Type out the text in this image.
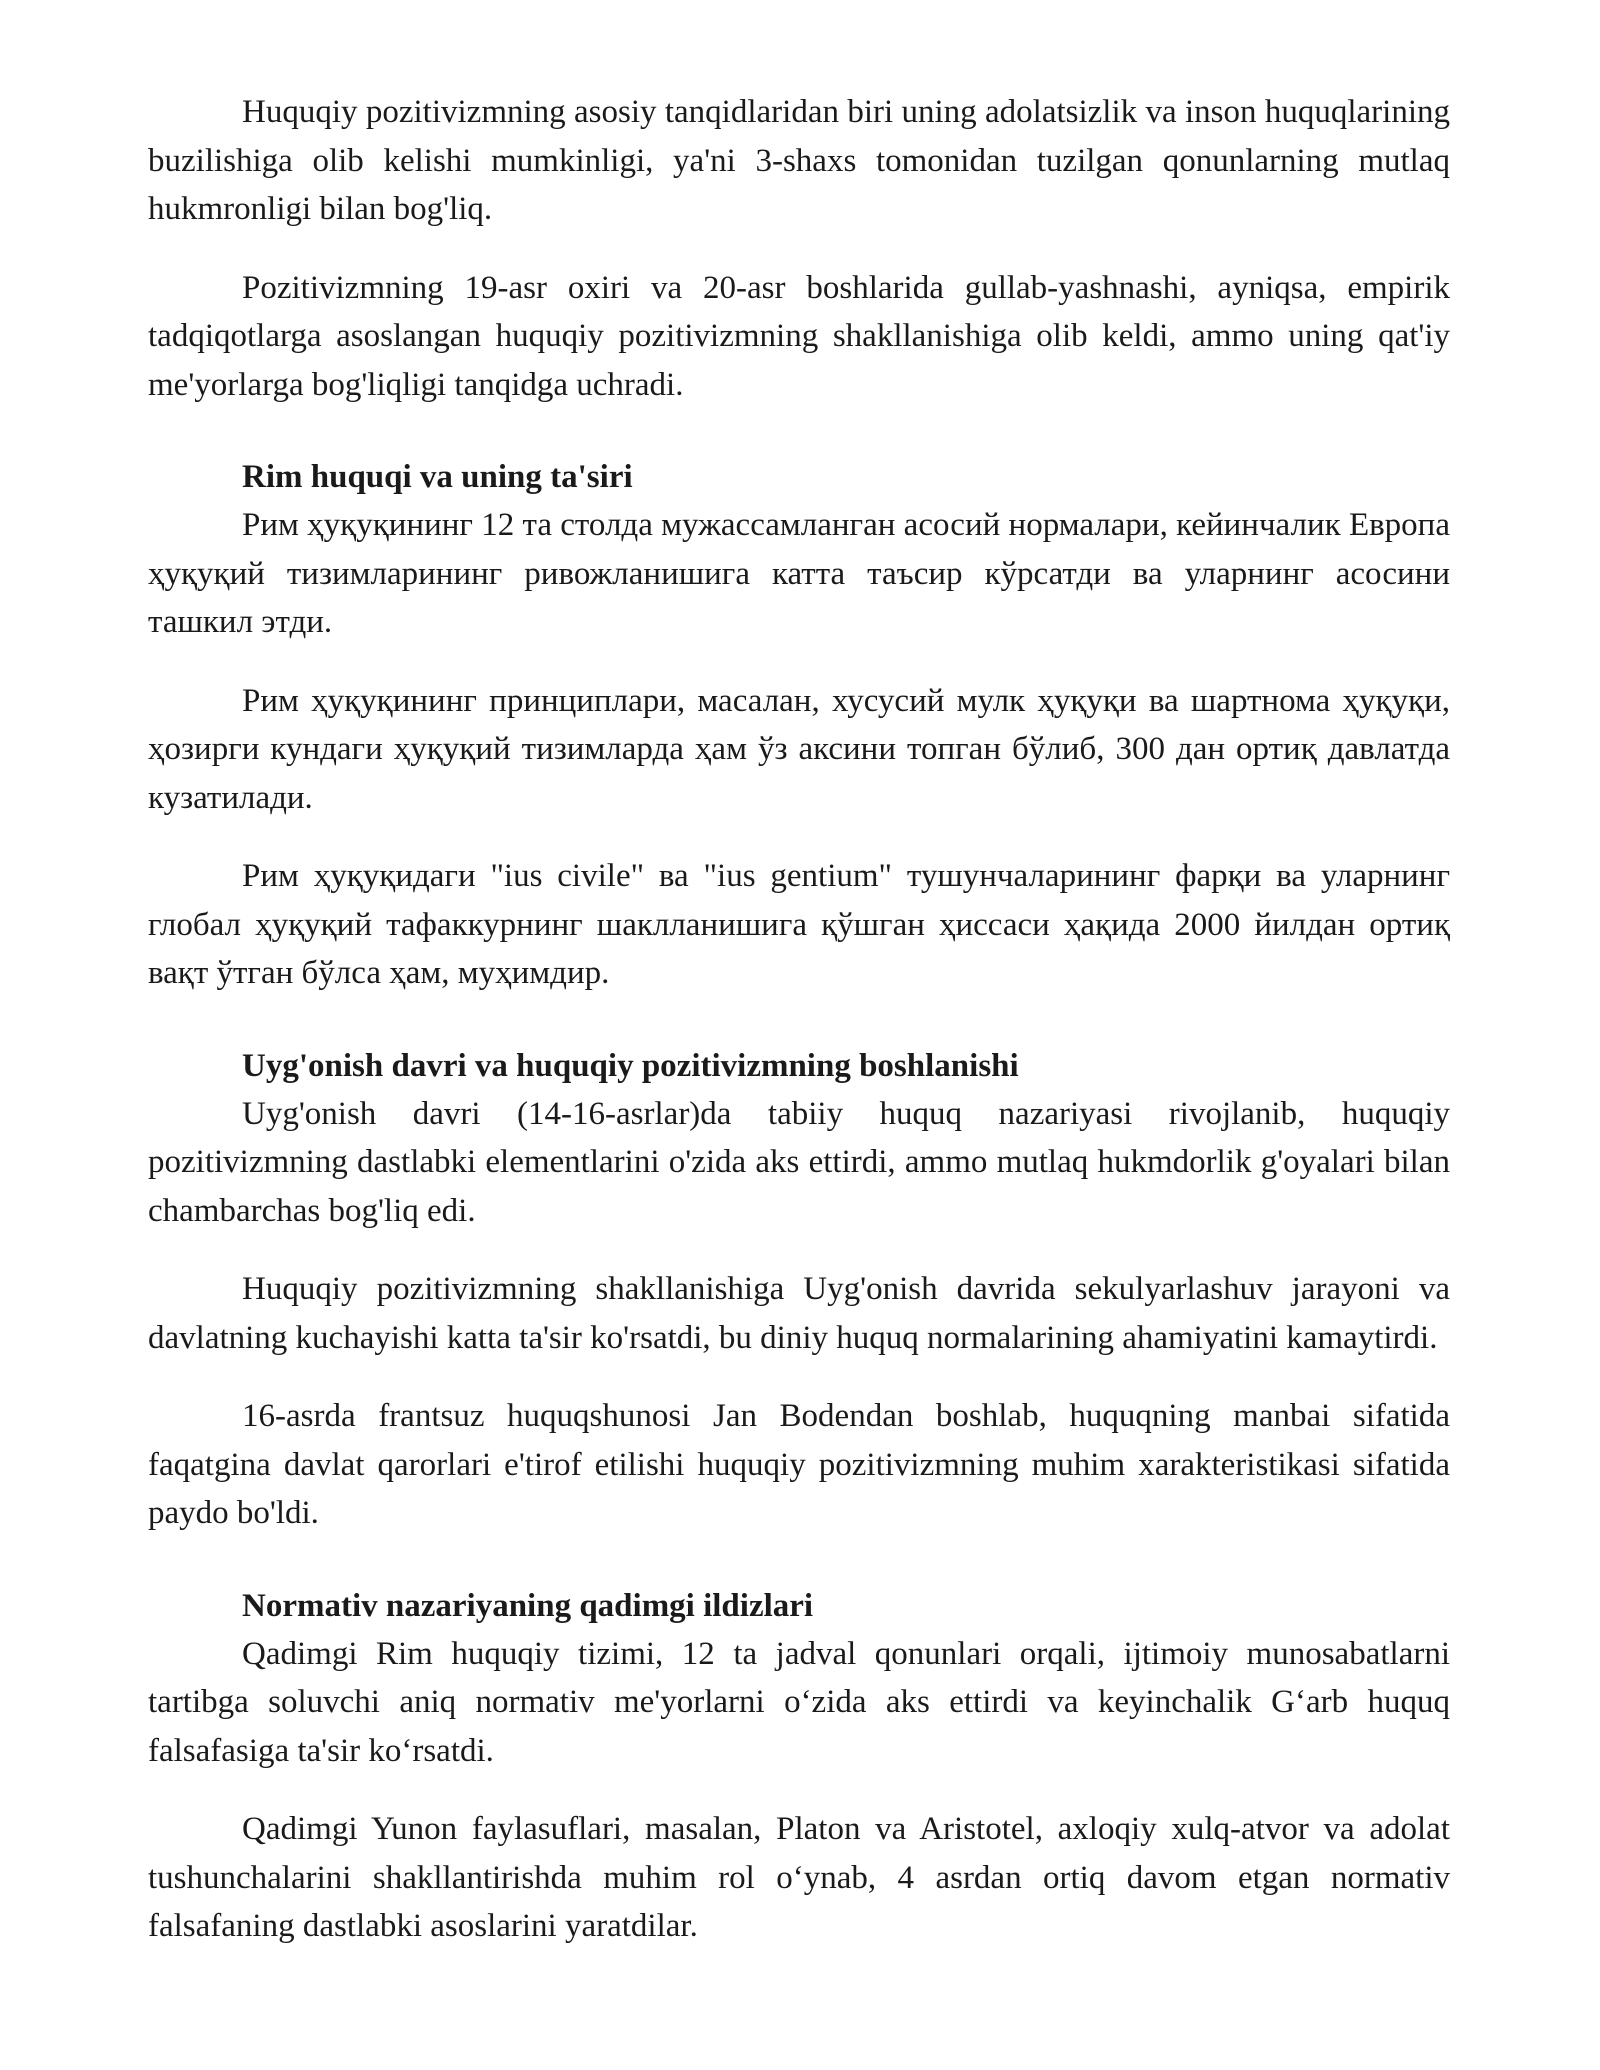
Huquqiy pozitivizmning asosiy tanqidlaridan biri uning adolatsizlik va inson huquqlarining buzilishiga olib kelishi mumkinligi, ya'ni 3-shaxs tomonidan tuzilgan qonunlarning mutlaq hukmronligi bilan bog'liq.

Pozitivizmning 19-asr oxiri va 20-asr boshlarida gullab-yashnashi, ayniqsa, empirik tadqiqotlarga asoslangan huquqiy pozitivizmning shakllanishiga olib keldi, ammo uning qat'iy me'yorlarga bog'liqligi tanqidga uchradi.

Rim huquqi va uning ta'siri

Рим ҳуқуқининг 12 та столда мужассамланган асосий нормалари, кейинчалик Европа ҳуқуқий тизимларининг ривожланишига катта таъсир кўрсатди ва уларнинг асосини ташкил этди.

Рим ҳуқуқининг принциплари, масалан, хусусий мулк ҳуқуқи ва шартнома ҳуқуқи, ҳозирги кундаги ҳуқуқий тизимларда ҳам ўз аксини топган бўлиб, 300 дан ортиқ давлатда кузатилади.

Рим ҳуқуқидаги "ius civile" ва "ius gentium" тушунчаларининг фарқи ва уларнинг глобал ҳуқуқий тафаккурнинг шаклланишига қўшган ҳиссаси ҳақида 2000 йилдан ортиқ вақт ўтган бўлса ҳам, муҳимдир.

Uyg'onish davri va huquqiy pozitivizmning boshlanishi

Uyg'onish davri (14-16-asrlar)da tabiiy huquq nazariyasi rivojlanib, huquqiy pozitivizmning dastlabki elementlarini o'zida aks ettirdi, ammo mutlaq hukmdorlik g'oyalari bilan chambarchas bog'liq edi.

Huquqiy pozitivizmning shakllanishiga Uyg'onish davrida sekulyarlashuv jarayoni va davlatning kuchayishi katta ta'sir ko'rsatdi, bu diniy huquq normalarining ahamiyatini kamaytirdi.

16-asrda frantsuz huquqshunosi Jan Bodendan boshlab, huquqning manbai sifatida faqatgina davlat qarorlari e'tirof etilishi huquqiy pozitivizmning muhim xarakteristikasi sifatida paydo bo'ldi.

Normativ nazariyaning qadimgi ildizlari

Qadimgi Rim huquqiy tizimi, 12 ta jadval qonunlari orqali, ijtimoiy munosabatlarni tartibga soluvchi aniq normativ me'yorlarni oʻzida aks ettirdi va keyinchalik Gʻarb huquq falsafasiga ta'sir koʻrsatdi.

Qadimgi Yunon faylasuflari, masalan, Platon va Aristotel, axloqiy xulq-atvor va adolat tushunchalarini shakllantirishda muhim rol oʻynab, 4 asrdan ortiq davom etgan normativ falsafaning dastlabki asoslarini yaratdilar.
